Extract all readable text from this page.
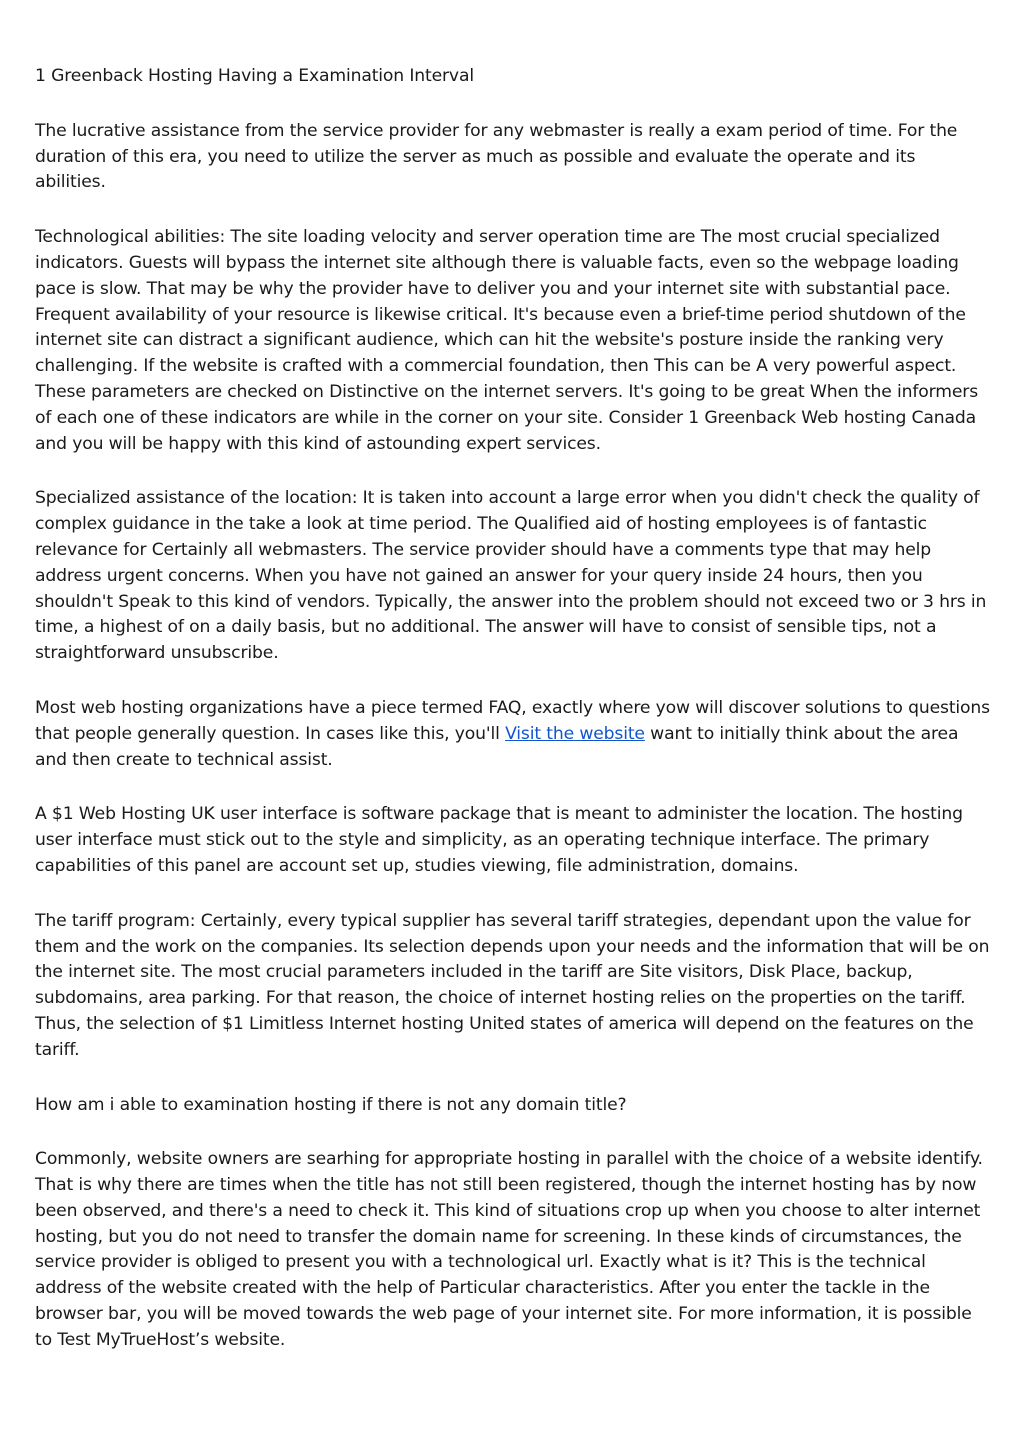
1 Greenback Hosting Having a Examination Interval

The lucrative assistance from the service provider for any webmaster is really a exam period of time. For the duration of this era, you need to utilize the server as much as possible and evaluate the operate and its abilities.

Technological abilities: The site loading velocity and server operation time are The most crucial specialized indicators. Guests will bypass the internet site although there is valuable facts, even so the webpage loading pace is slow. That may be why the provider have to deliver you and your internet site with substantial pace. Frequent availability of your resource is likewise critical. It's because even a brief-time period shutdown of the internet site can distract a significant audience, which can hit the website's posture inside the ranking very challenging. If the website is crafted with a commercial foundation, then This can be A very powerful aspect. These parameters are checked on Distinctive on the internet servers. It's going to be great When the informers of each one of these indicators are while in the corner on your site. Consider 1 Greenback Web hosting Canada and you will be happy with this kind of astounding expert services.

Specialized assistance of the location: It is taken into account a large error when you didn't check the quality of complex guidance in the take a look at time period. The Qualified aid of hosting employees is of fantastic relevance for Certainly all webmasters. The service provider should have a comments type that may help address urgent concerns. When you have not gained an answer for your query inside 24 hours, then you shouldn't Speak to this kind of vendors. Typically, the answer into the problem should not exceed two or 3 hrs in time, a highest of on a daily basis, but no additional. The answer will have to consist of sensible tips, not a straightforward unsubscribe.

Most web hosting organizations have a piece termed FAQ, exactly where yow will discover solutions to questions that people generally question. In cases like this, you'll Visit the website want to initially think about the area and then create to technical assist.

A $1 Web Hosting UK user interface is software package that is meant to administer the location. The hosting user interface must stick out to the style and simplicity, as an operating technique interface. The primary capabilities of this panel are account set up, studies viewing, file administration, domains.

The tariff program: Certainly, every typical supplier has several tariff strategies, dependant upon the value for them and the work on the companies. Its selection depends upon your needs and the information that will be on the internet site. The most crucial parameters included in the tariff are Site visitors, Disk Place, backup, subdomains, area parking. For that reason, the choice of internet hosting relies on the properties on the tariff. Thus, the selection of $1 Limitless Internet hosting United states of america will depend on the features on the tariff.

How am i able to examination hosting if there is not any domain title?

Commonly, website owners are searhing for appropriate hosting in parallel with the choice of a website identify. That is why there are times when the title has not still been registered, though the internet hosting has by now been observed, and there's a need to check it. This kind of situations crop up when you choose to alter internet hosting, but you do not need to transfer the domain name for screening. In these kinds of circumstances, the service provider is obliged to present you with a technological url. Exactly what is it? This is the technical address of the website created with the help of Particular characteristics. After you enter the tackle in the browser bar, you will be moved towards the web page of your internet site. For more information, it is possible to Test MyTrueHost’s website.
